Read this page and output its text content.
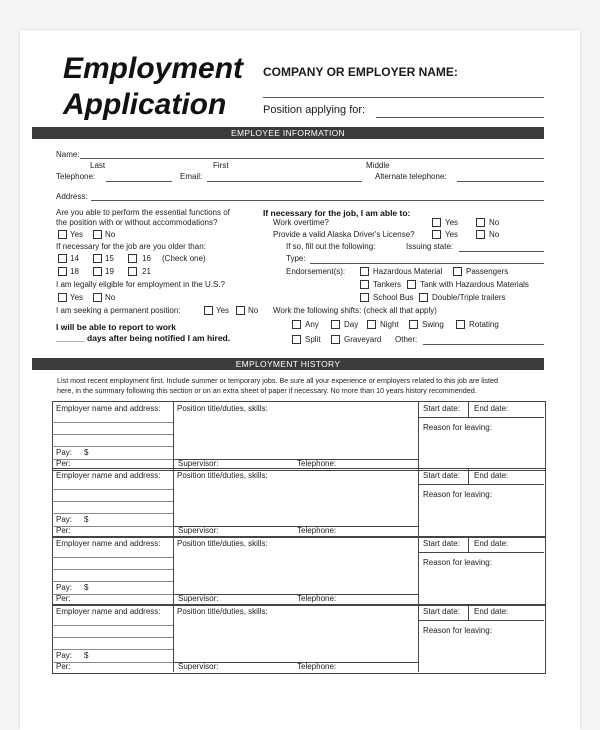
Employment
Application
COMPANY OR EMPLOYER NAME:
Position applying for:
EMPLOYEE INFORMATION
Name:
Last	First	Middle
Telephone:	Email:	Alternate telephone:
Address:
Are you able to perform the essential functions of
the position with or without accommodations?
Yes	No
If necessary for the job are you older than:
14	15	16 (Check one)
18	19	21
I am legally eligible for employment in the U.S.?
Yes	No
I am seeking a permanent position:	Yes No
I will be able to report to work
______ days after being notified I am hired.
If necessary for the job, I am able to:
Work overtime?	Yes	No
Provide a valid Alaska Driver's License?	Yes	No
If so, fill out the following:	Issuing state:
Type:
Endorsement(s):	Hazardous Material	Passengers
Tankers Tank with Hazardous Materials
School Bus Double/Triple trailers
Work the following shifts: (check all that apply)
Any	Day	Night	Swing	Rotating
Split	Graveyard Other:
EMPLOYMENT HISTORY
List most recent employment first. Include summer or temporary jobs. Be sure all your experience or employers related to this job are listed
here, in the summary following this section or on an extra sheet of paper if necessary. No more than 10 years history recommended.
Employer name and address: Position title/duties, skills:	Start date: End date:
Reason for leaving:
Pay: $
Per:	Supervisor:	Telephone:
Employer name and address: Position title/duties, skills:	Start date: End date:
Reason for leaving:
Pay: $
Per:	Supervisor:	Telephone:
Employer name and address: Position title/duties, skills:	Start date: End date:
Reason for leaving:
Pay: $
Per:	Supervisor:	Telephone:
Employer name and address: Position title/duties, skills:	Start date: End date:
Reason for leaving:
Pay: $
Per:	Supervisor:	Telephone:
